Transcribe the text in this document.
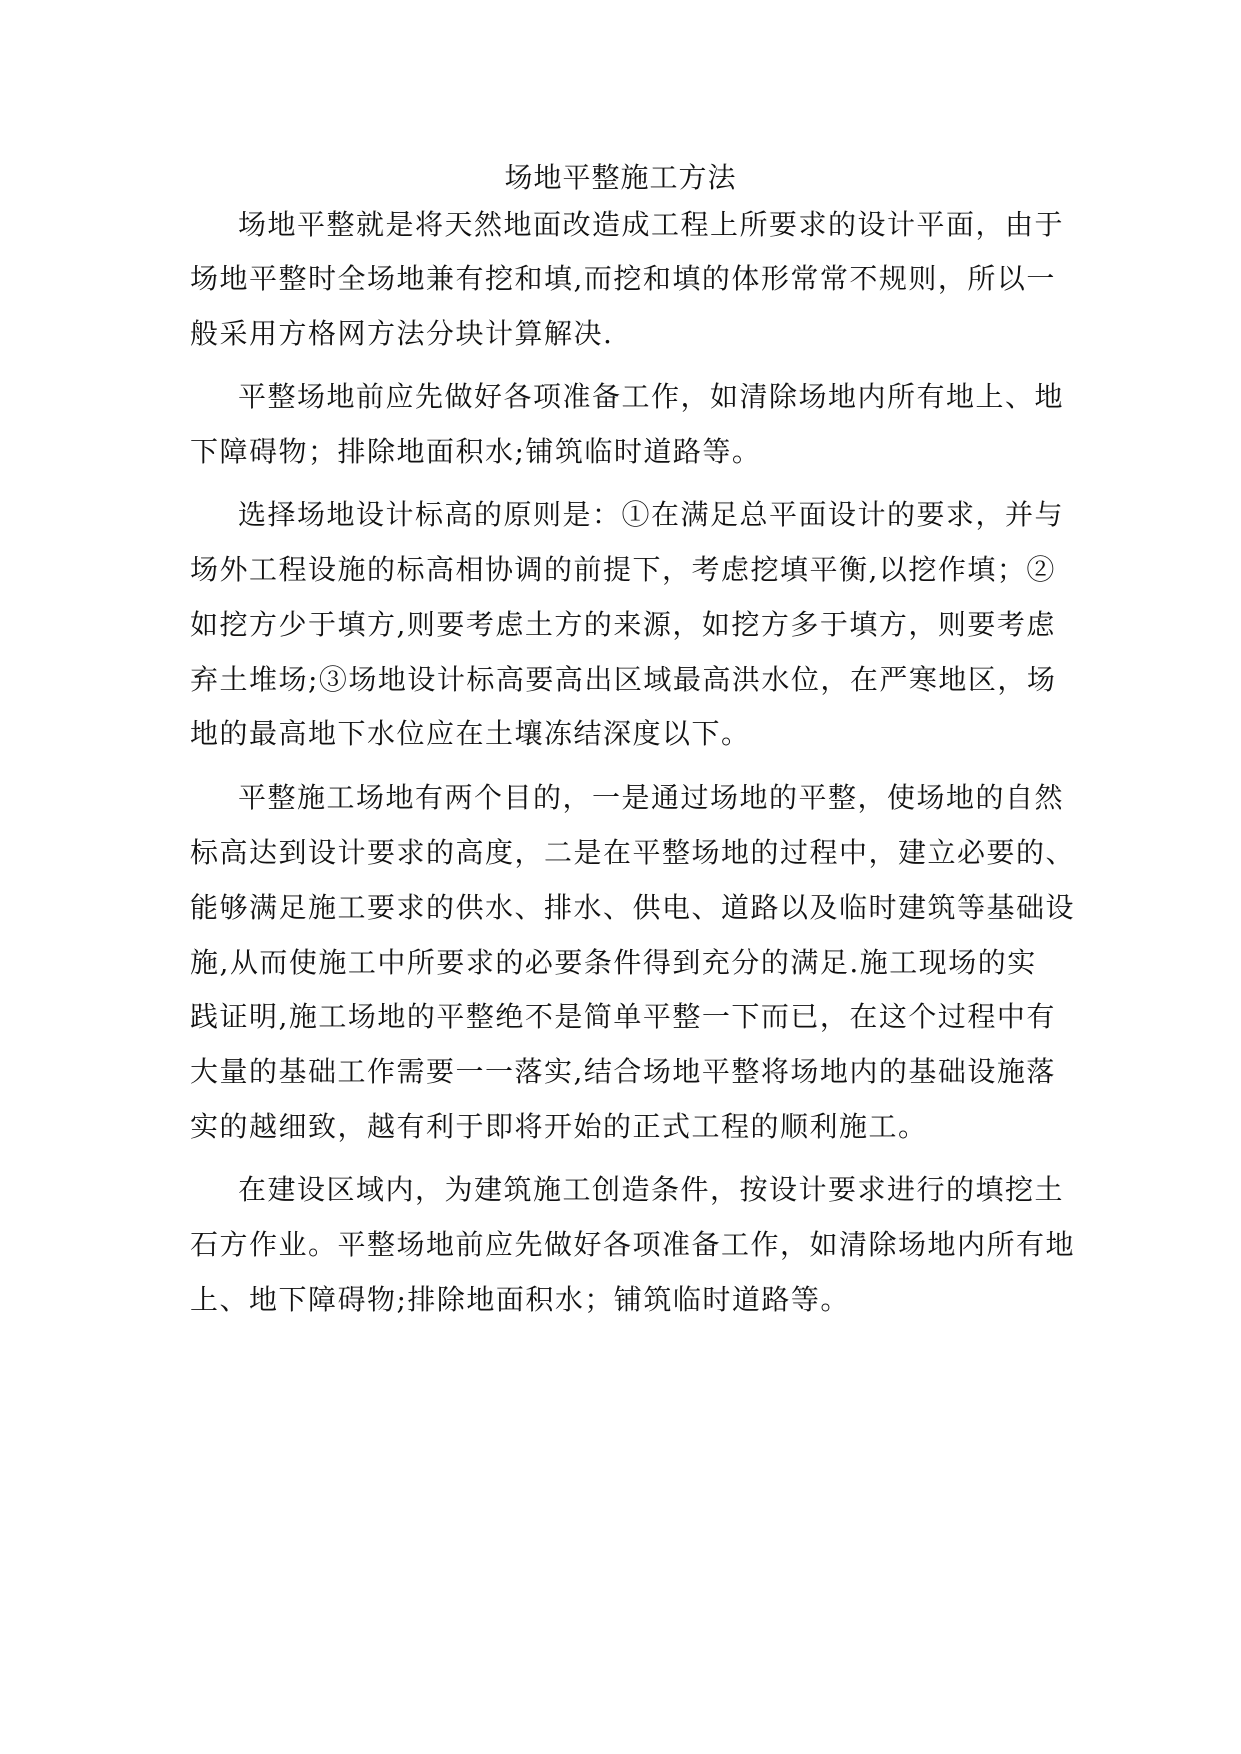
场地平整施工方法

场地平整就是将天然地面改造成工程上所要求的设计平面，由于

场地平整时全场地兼有挖和填,而挖和填的体形常常不规则，所以一

般采用方格网方法分块计算解决.

平整场地前应先做好各项准备工作，如清除场地内所有地上、地

下障碍物；排除地面积水;铺筑临时道路等。

选择场地设计标高的原则是：①在满足总平面设计的要求，并与

场外工程设施的标高相协调的前提下，考虑挖填平衡,以挖作填；②

如挖方少于填方,则要考虑土方的来源，如挖方多于填方，则要考虑

弃土堆场;③场地设计标高要高出区域最高洪水位，在严寒地区，场

地的最高地下水位应在土壤冻结深度以下。

平整施工场地有两个目的，一是通过场地的平整，使场地的自然

标高达到设计要求的高度，二是在平整场地的过程中，建立必要的、

能够满足施工要求的供水、排水、供电、道路以及临时建筑等基础设

施,从而使施工中所要求的必要条件得到充分的满足.施工现场的实

践证明,施工场地的平整绝不是简单平整一下而已，在这个过程中有

大量的基础工作需要一一落实,结合场地平整将场地内的基础设施落

实的越细致，越有利于即将开始的正式工程的顺利施工。

在建设区域内，为建筑施工创造条件，按设计要求进行的填挖土

石方作业。平整场地前应先做好各项准备工作，如清除场地内所有地

上、地下障碍物;排除地面积水；铺筑临时道路等。
